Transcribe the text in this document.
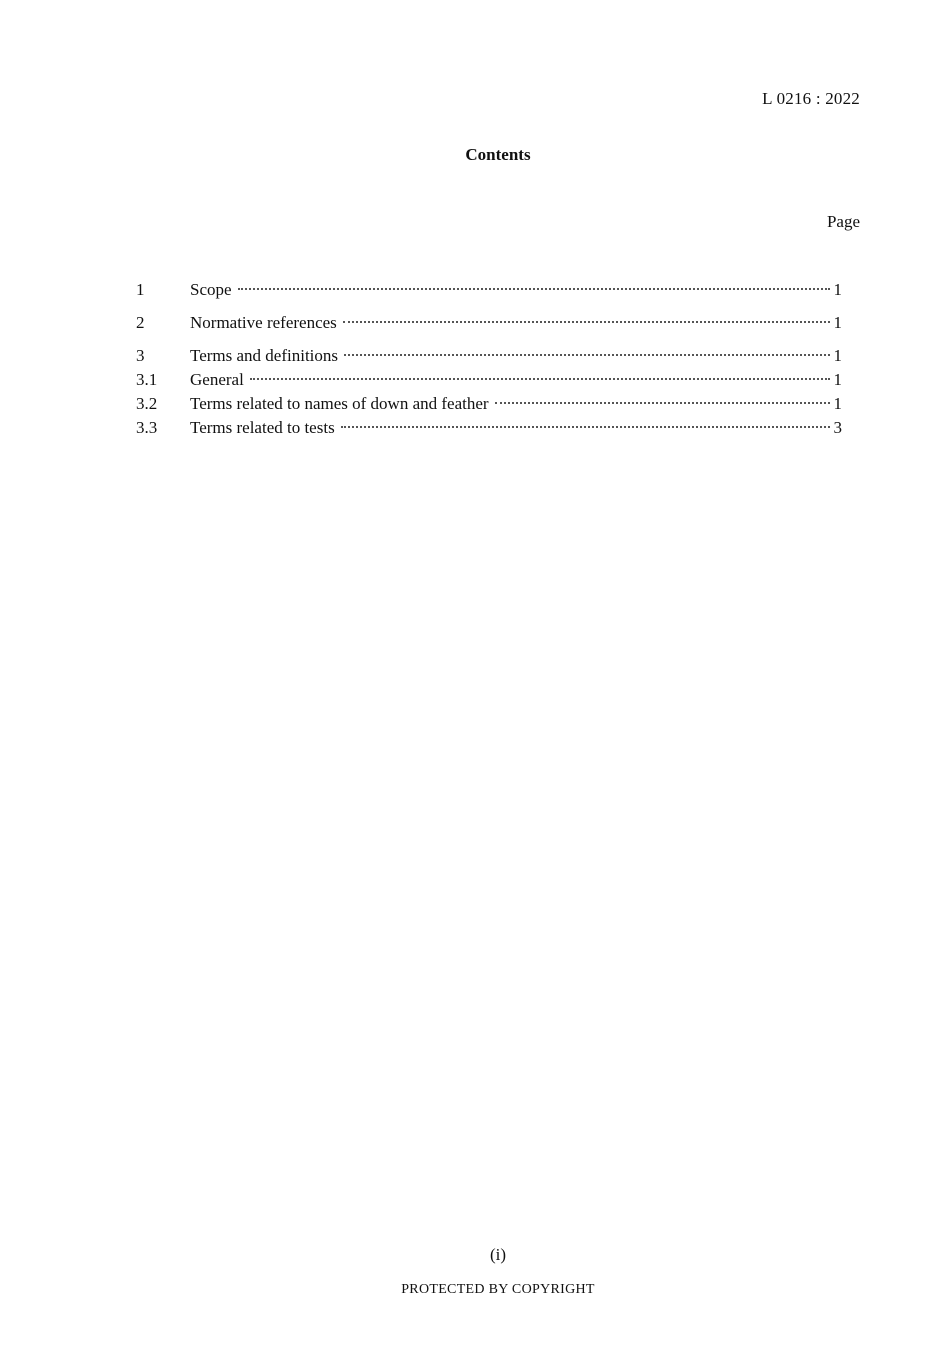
L 0216 : 2022
Contents
Page
1	Scope	1
2	Normative references	1
3	Terms and definitions	1
3.1	General	1
3.2	Terms related to names of down and feather	1
3.3	Terms related to tests	3
(i)
PROTECTED BY COPYRIGHT
